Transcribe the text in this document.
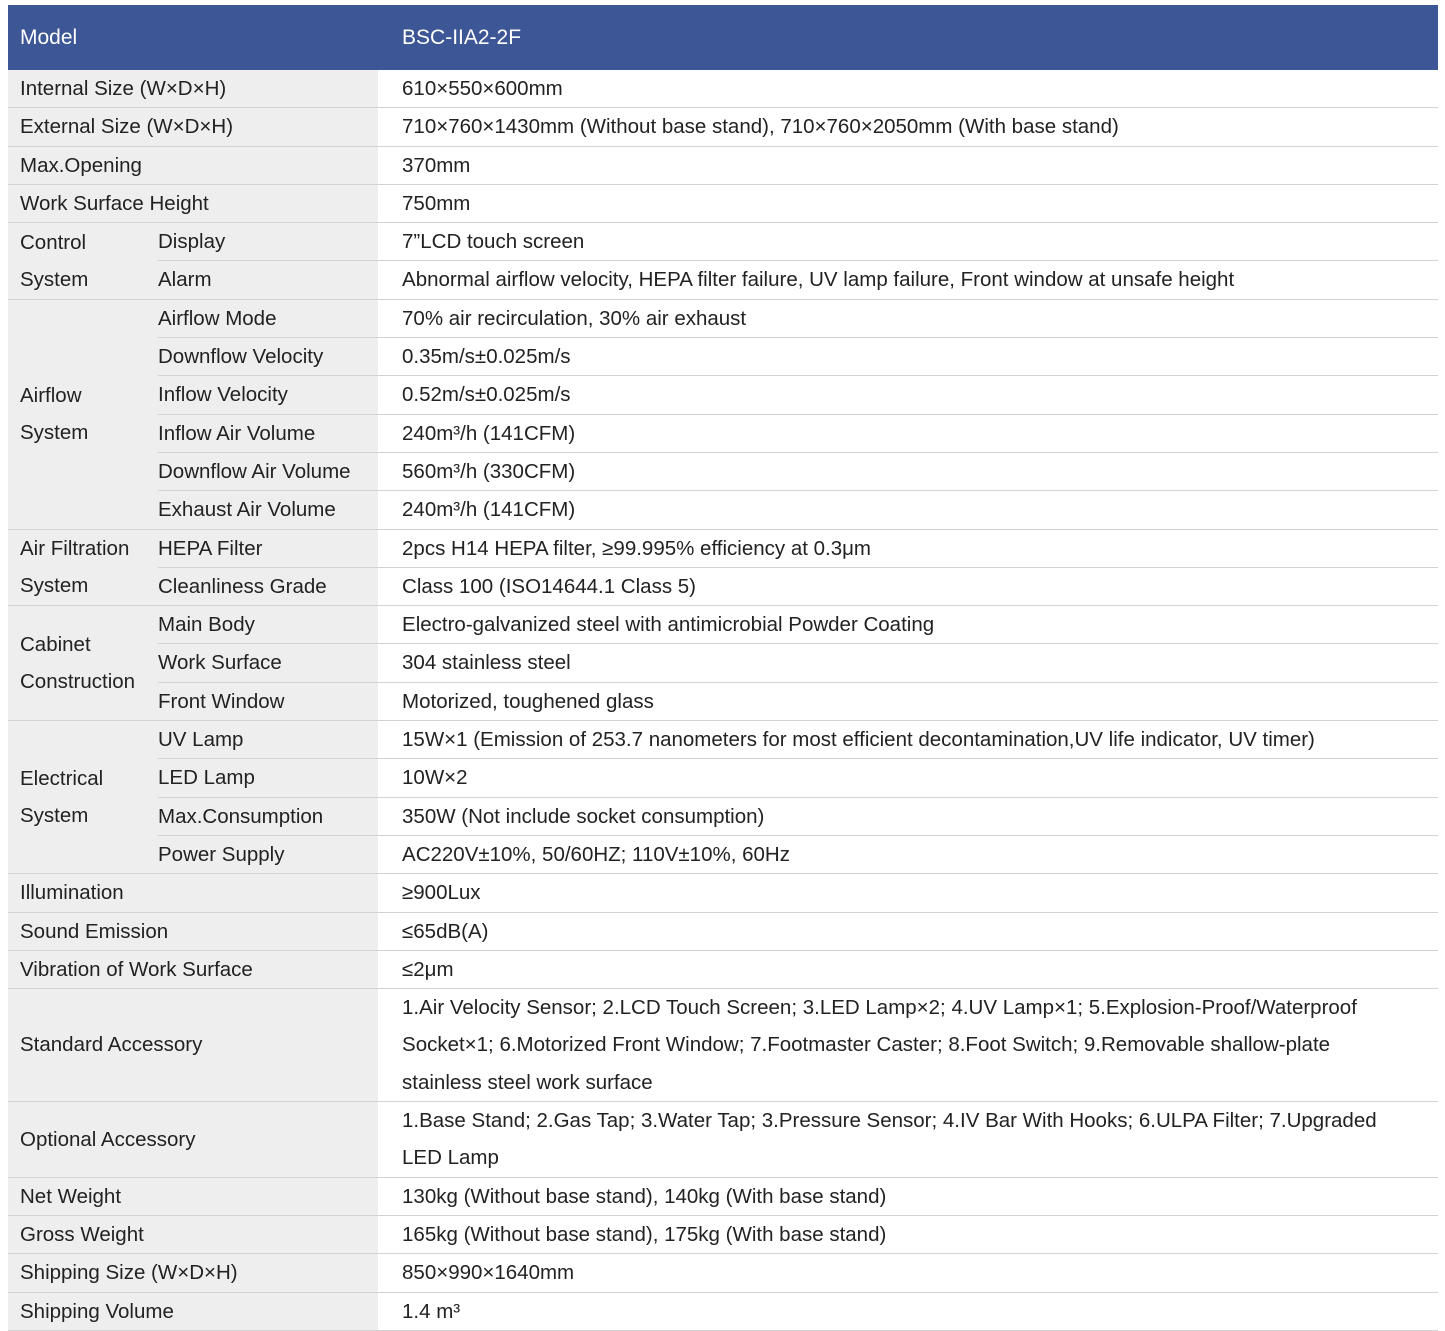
Model		BSC-IIA2-2F
Internal Size (W×D×H)		610×550×600mm
External Size (W×D×H)		710×760×1430mm (Without base stand), 710×760×2050mm (With base stand)
Max.Opening		370mm
Work Surface Height		750mm

Control
System	Display	7”LCD touch screen
	Alarm	Abnormal airflow velocity, HEPA filter failure, UV lamp failure, Front window at unsafe height

Airflow
System	Airflow Mode	70% air recirculation, 30% air exhaust
	Downflow Velocity	0.35m/s±0.025m/s
	Inflow Velocity	0.52m/s±0.025m/s
	Inflow Air Volume	240m³/h (141CFM)
	Downflow Air Volume	560m³/h (330CFM)
	Exhaust Air Volume	240m³/h (141CFM)

Air Filtration
System	HEPA Filter	2pcs H14 HEPA filter, ≥99.995% efficiency at 0.3μm
	Cleanliness Grade	Class 100 (ISO14644.1 Class 5)

Cabinet
Construction	Main Body	Electro-galvanized steel with antimicrobial Powder Coating
	Work Surface	304 stainless steel
	Front Window	Motorized, toughened glass

Electrical
System	UV Lamp	15W×1 (Emission of 253.7 nanometers for most efficient decontamination,UV life indicator, UV timer)
	LED Lamp	10W×2
	Max.Consumption	350W (Not include socket consumption)
	Power Supply	AC220V±10%, 50/60HZ; 110V±10%, 60Hz
Illumination		≥900Lux
Sound Emission		≤65dB(A)
Vibration of Work Surface		≤2μm
Standard Accessory		1.Air Velocity Sensor; 2.LCD Touch Screen; 3.LED Lamp×2; 4.UV Lamp×1; 5.Explosion-Proof/Waterproof
Socket×1; 6.Motorized Front Window; 7.Footmaster Caster; 8.Foot Switch; 9.Removable shallow-plate
stainless steel work surface

Optional Accessory		1.Base Stand; 2.Gas Tap; 3.Water Tap; 3.Pressure Sensor; 4.IV Bar With Hooks; 6.ULPA Filter; 7.Upgraded
LED Lamp

Net Weight		130kg (Without base stand), 140kg (With base stand)
Gross Weight		165kg (Without base stand), 175kg (With base stand)
Shipping Size (W×D×H)		850×990×1640mm
Shipping Volume		1.4 m³
